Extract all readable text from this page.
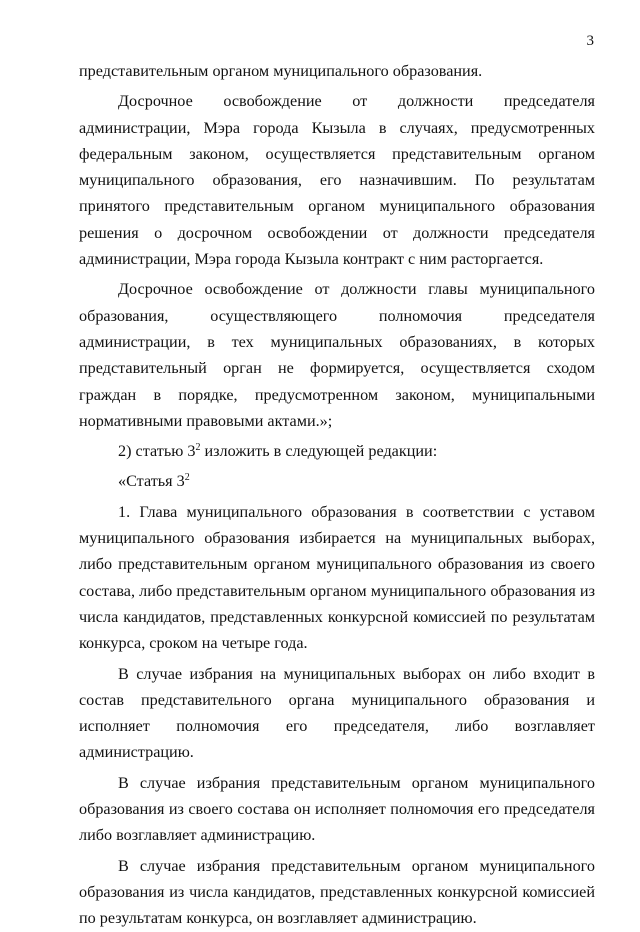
3

представительным органом муниципального образования.

Досрочное освобождение от должности председателя администрации, Мэра города Кызыла в случаях, предусмотренных федеральным законом, осуществляется представительным органом муниципального образования, его назначившим. По результатам принятого представительным органом муниципального образования решения о досрочном освобождении от должности председателя администрации, Мэра города Кызыла контракт с ним расторгается.

Досрочное освобождение от должности главы муниципального образования, осуществляющего полномочия председателя администрации, в тех муниципальных образованиях, в которых представительный орган не формируется, осуществляется сходом граждан в порядке, предусмотренном законом, муниципальными нормативными правовыми актами.»;

2) статью $3^2$ изложить в следующей редакции:

«Статья $3^2$

1. Глава муниципального образования в соответствии с уставом муниципального образования избирается на муниципальных выборах, либо представительным органом муниципального образования из своего состава, либо представительным органом муниципального образования из числа кандидатов, представленных конкурсной комиссией по результатам конкурса, сроком на четыре года.

В случае избрания на муниципальных выборах он либо входит в состав представительного органа муниципального образования и исполняет полномочия его председателя, либо возглавляет администрацию.

В случае избрания представительным органом муниципального образования из своего состава он исполняет полномочия его председателя либо возглавляет администрацию.

В случае избрания представительным органом муниципального образования из числа кандидатов, представленных конкурсной комиссией по результатам конкурса, он возглавляет администрацию.
